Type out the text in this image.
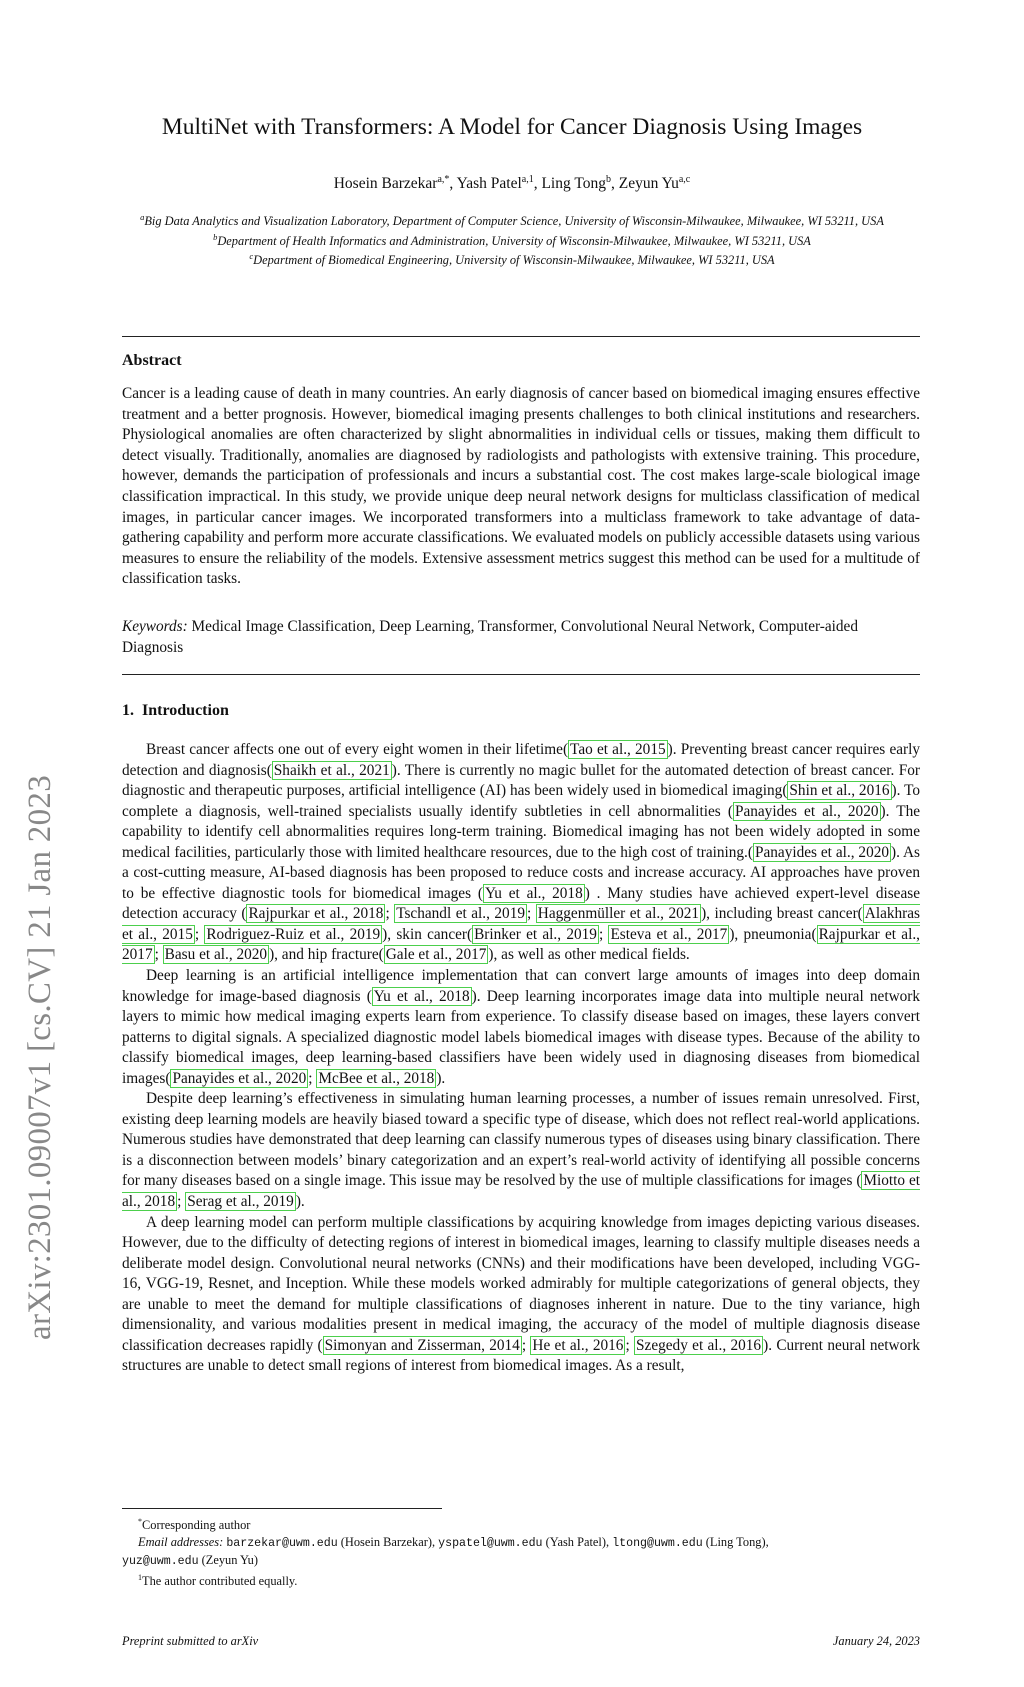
arXiv:2301.09007v1 [cs.CV] 21 Jan 2023
MultiNet with Transformers: A Model for Cancer Diagnosis Using Images
Hosein Barzekar$^{a,*}$, Yash Patel$^{a,1}$, Ling Tong$^b$, Zeyun Yu$^{a,c}$
$^a$Big Data Analytics and Visualization Laboratory, Department of Computer Science, University of Wisconsin-Milwaukee, Milwaukee, WI 53211, USA
$^b$Department of Health Informatics and Administration, University of Wisconsin-Milwaukee, Milwaukee, WI 53211, USA
$^c$Department of Biomedical Engineering, University of Wisconsin-Milwaukee, Milwaukee, WI 53211, USA
Abstract
Cancer is a leading cause of death in many countries. An early diagnosis of cancer based on biomedical imaging ensures effective treatment and a better prognosis. However, biomedical imaging presents challenges to both clinical institutions and researchers. Physiological anomalies are often characterized by slight abnormalities in individual cells or tissues, making them difficult to detect visually. Traditionally, anomalies are diagnosed by radiologists and pathologists with extensive training. This procedure, however, demands the participation of professionals and incurs a substantial cost. The cost makes large-scale biological image classification impractical. In this study, we provide unique deep neural network designs for multiclass classification of medical images, in particular cancer images. We incorporated transformers into a multiclass framework to take advantage of data-gathering capability and perform more accurate classifications. We evaluated models on publicly accessible datasets using various measures to ensure the reliability of the models. Extensive assessment metrics suggest this method can be used for a multitude of classification tasks.
Keywords: Medical Image Classification, Deep Learning, Transformer, Convolutional Neural Network, Computer-aided Diagnosis
1. Introduction

Breast cancer affects one out of every eight women in their lifetime( Tao et al., 2015 ). Preventing breast cancer requires early detection and diagnosis( Shaikh et al., 2021 ). There is currently no magic bullet for the automated detection of breast cancer. For diagnostic and therapeutic purposes, artificial intelligence (AI) has been widely used in biomedical imaging( Shin et al., 2016 ). To complete a diagnosis, well-trained specialists usually identify subtleties in cell abnormalities ( Panayides et al., 2020 ). The capability to identify cell abnormalities requires long-term training. Biomedical imaging has not been widely adopted in some medical facilities, particularly those with limited healthcare resources, due to the high cost of training.( Panayides et al., 2020 ). As a cost-cutting measure, AI-based diagnosis has been proposed to reduce costs and increase accuracy. AI approaches have proven to be effective diagnostic tools for biomedical images ( Yu et al., 2018 ) . Many studies have achieved expert-level disease detection accuracy ( Rajpurkar et al., 2018 ; Tschandl et al., 2019 ; Haggenmüller et al., 2021 ), including breast cancer( Alakhras et al., 2015 ; Rodriguez-Ruiz et al., 2019 ), skin cancer( Brinker et al., 2019 ; Esteva et al., 2017 ), pneumonia( Rajpurkar et al., 2017 ; Basu et al., 2020 ), and hip fracture( Gale et al., 2017 ), as well as other medical fields.

Deep learning is an artificial intelligence implementation that can convert large amounts of images into deep domain knowledge for image-based diagnosis ( Yu et al., 2018 ). Deep learning incorporates image data into multiple neural network layers to mimic how medical imaging experts learn from experience. To classify disease based on images, these layers convert patterns to digital signals. A specialized diagnostic model labels biomedical images with disease types. Because of the ability to classify biomedical images, deep learning-based classifiers have been widely used in diagnosing diseases from biomedical images( Panayides et al., 2020 ; McBee et al., 2018 ).

Despite deep learning’s effectiveness in simulating human learning processes, a number of issues remain unresolved. First, existing deep learning models are heavily biased toward a specific type of disease, which does not reflect real-world applications. Numerous studies have demonstrated that deep learning can classify numerous types of diseases using binary classification. There is a disconnection between models’ binary categorization and an expert’s real-world activity of identifying all possible concerns for many diseases based on a single image. This issue may be resolved by the use of multiple classifications for images ( Miotto et al., 2018 ; Serag et al., 2019 ).

A deep learning model can perform multiple classifications by acquiring knowledge from images depicting various diseases. However, due to the difficulty of detecting regions of interest in biomedical images, learning to classify multiple diseases needs a deliberate model design. Convolutional neural networks (CNNs) and their modifications have been developed, including VGG-16, VGG-19, Resnet, and Inception. While these models worked admirably for multiple categorizations of general objects, they are unable to meet the demand for multiple classifications of diagnoses inherent in nature. Due to the tiny variance, high dimensionality, and various modalities present in medical imaging, the accuracy of the model of multiple diagnosis disease classification decreases rapidly ( Simonyan and Zisserman, 2014 ; He et al., 2016 ; Szegedy et al., 2016 ). Current neural network structures are unable to detect small regions of interest from biomedical images. As a result,

*Corresponding author
Email addresses: barzekar@uwm.edu (Hosein Barzekar), yspatel@uwm.edu (Yash Patel), ltong@uwm.edu (Ling Tong),
yuz@uwm.edu (Zeyun Yu)
$^1$The author contributed equally.
Preprint submitted to arXiv	January 24, 2023
